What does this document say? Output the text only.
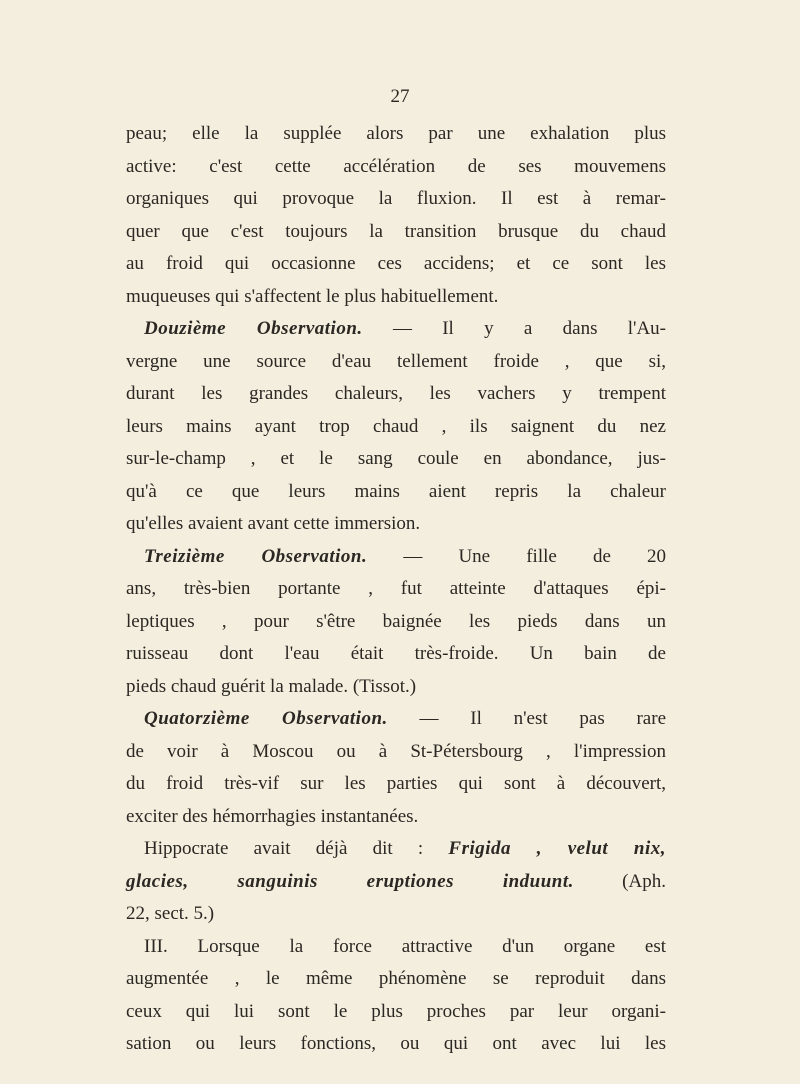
27
peau; elle la supplée alors par une exhalation plus
active: c'est cette accélération de ses mouvemens
organiques qui provoque la fluxion. Il est à remar-
quer que c'est toujours la transition brusque du chaud
au froid qui occasionne ces accidens; et ce sont les
muqueuses qui s'affectent le plus habituellement.
Douzième Observation. — Il y a dans l'Au-
vergne une source d'eau tellement froide , que si,
durant les grandes chaleurs, les vachers y trempent
leurs mains ayant trop chaud , ils saignent du nez
sur-le-champ , et le sang coule en abondance, jus-
qu'à ce que leurs mains aient repris la chaleur
qu'elles avaient avant cette immersion.
Treizième Observation. — Une fille de 20
ans, très-bien portante , fut atteinte d'attaques épi-
leptiques , pour s'être baignée les pieds dans un
ruisseau dont l'eau était très-froide. Un bain de
pieds chaud guérit la malade. (Tissot.)
Quatorzième Observation. — Il n'est pas rare
de voir à Moscou ou à St-Pétersbourg , l'impression
du froid très-vif sur les parties qui sont à découvert,
exciter des hémorrhagies instantanées.
Hippocrate avait déjà dit : Frigida , velut nix,
glacies, sanguinis eruptiones induunt. (Aph.
22, sect. 5.)
III. Lorsque la force attractive d'un organe est
augmentée , le même phénomène se reproduit dans
ceux qui lui sont le plus proches par leur organi-
sation ou leurs fonctions, ou qui ont avec lui les
